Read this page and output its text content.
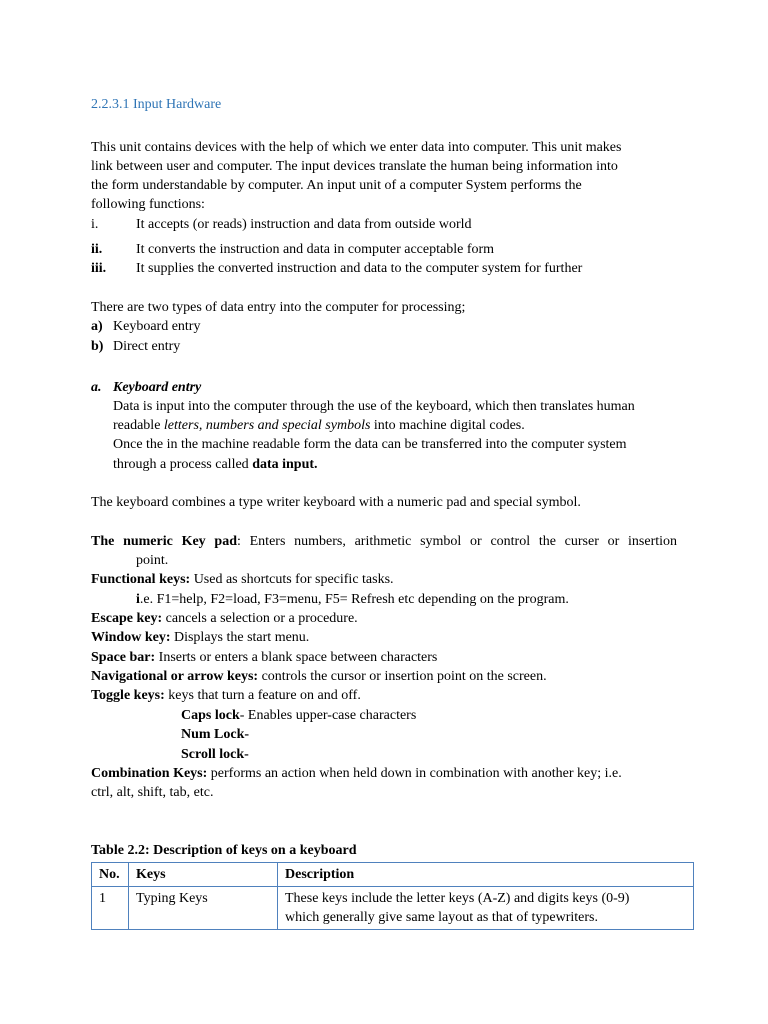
2.2.3.1 Input Hardware
This unit contains devices with the help of which we enter data into computer. This unit makes
link between user and computer. The input devices translate the human being information into
the form understandable by computer. An input unit of a computer System performs the
following functions:
i.	It accepts (or reads) instruction and data from outside world
ii. It converts the instruction and data in computer acceptable form
iii. It supplies the converted instruction and data to the computer system for further
There are two types of data entry into the computer for processing;
a) Keyboard entry
b) Direct entry
a. Keyboard entry
Data is input into the computer through the use of the keyboard, which then translates human
readable letters, numbers and special symbols into machine digital codes.
Once the in the machine readable form the data can be transferred into the computer system
through a process called data input.
The keyboard combines a type writer keyboard with a numeric pad and special symbol.
The numeric Key pad: Enters numbers, arithmetic symbol or control the curser or insertion
point.
Functional keys: Used as shortcuts for specific tasks.
i.e. F1=help, F2=load, F3=menu, F5= Refresh etc depending on the program.
Escape key: cancels a selection or a procedure.
Window key: Displays the start menu.
Space bar: Inserts or enters a blank space between characters
Navigational or arrow keys: controls the cursor or insertion point on the screen.
Toggle keys: keys that turn a feature on and off.
Caps lock- Enables upper-case characters
Num Lock-
Scroll lock-
Combination Keys: performs an action when held down in combination with another key; i.e.
ctrl, alt, shift, tab, etc.
Table 2.2: Description of keys on a keyboard
No.	Keys	Description
1	Typing Keys	These keys include the letter keys (A-Z) and digits keys (0-9)
which generally give same layout as that of typewriters.
